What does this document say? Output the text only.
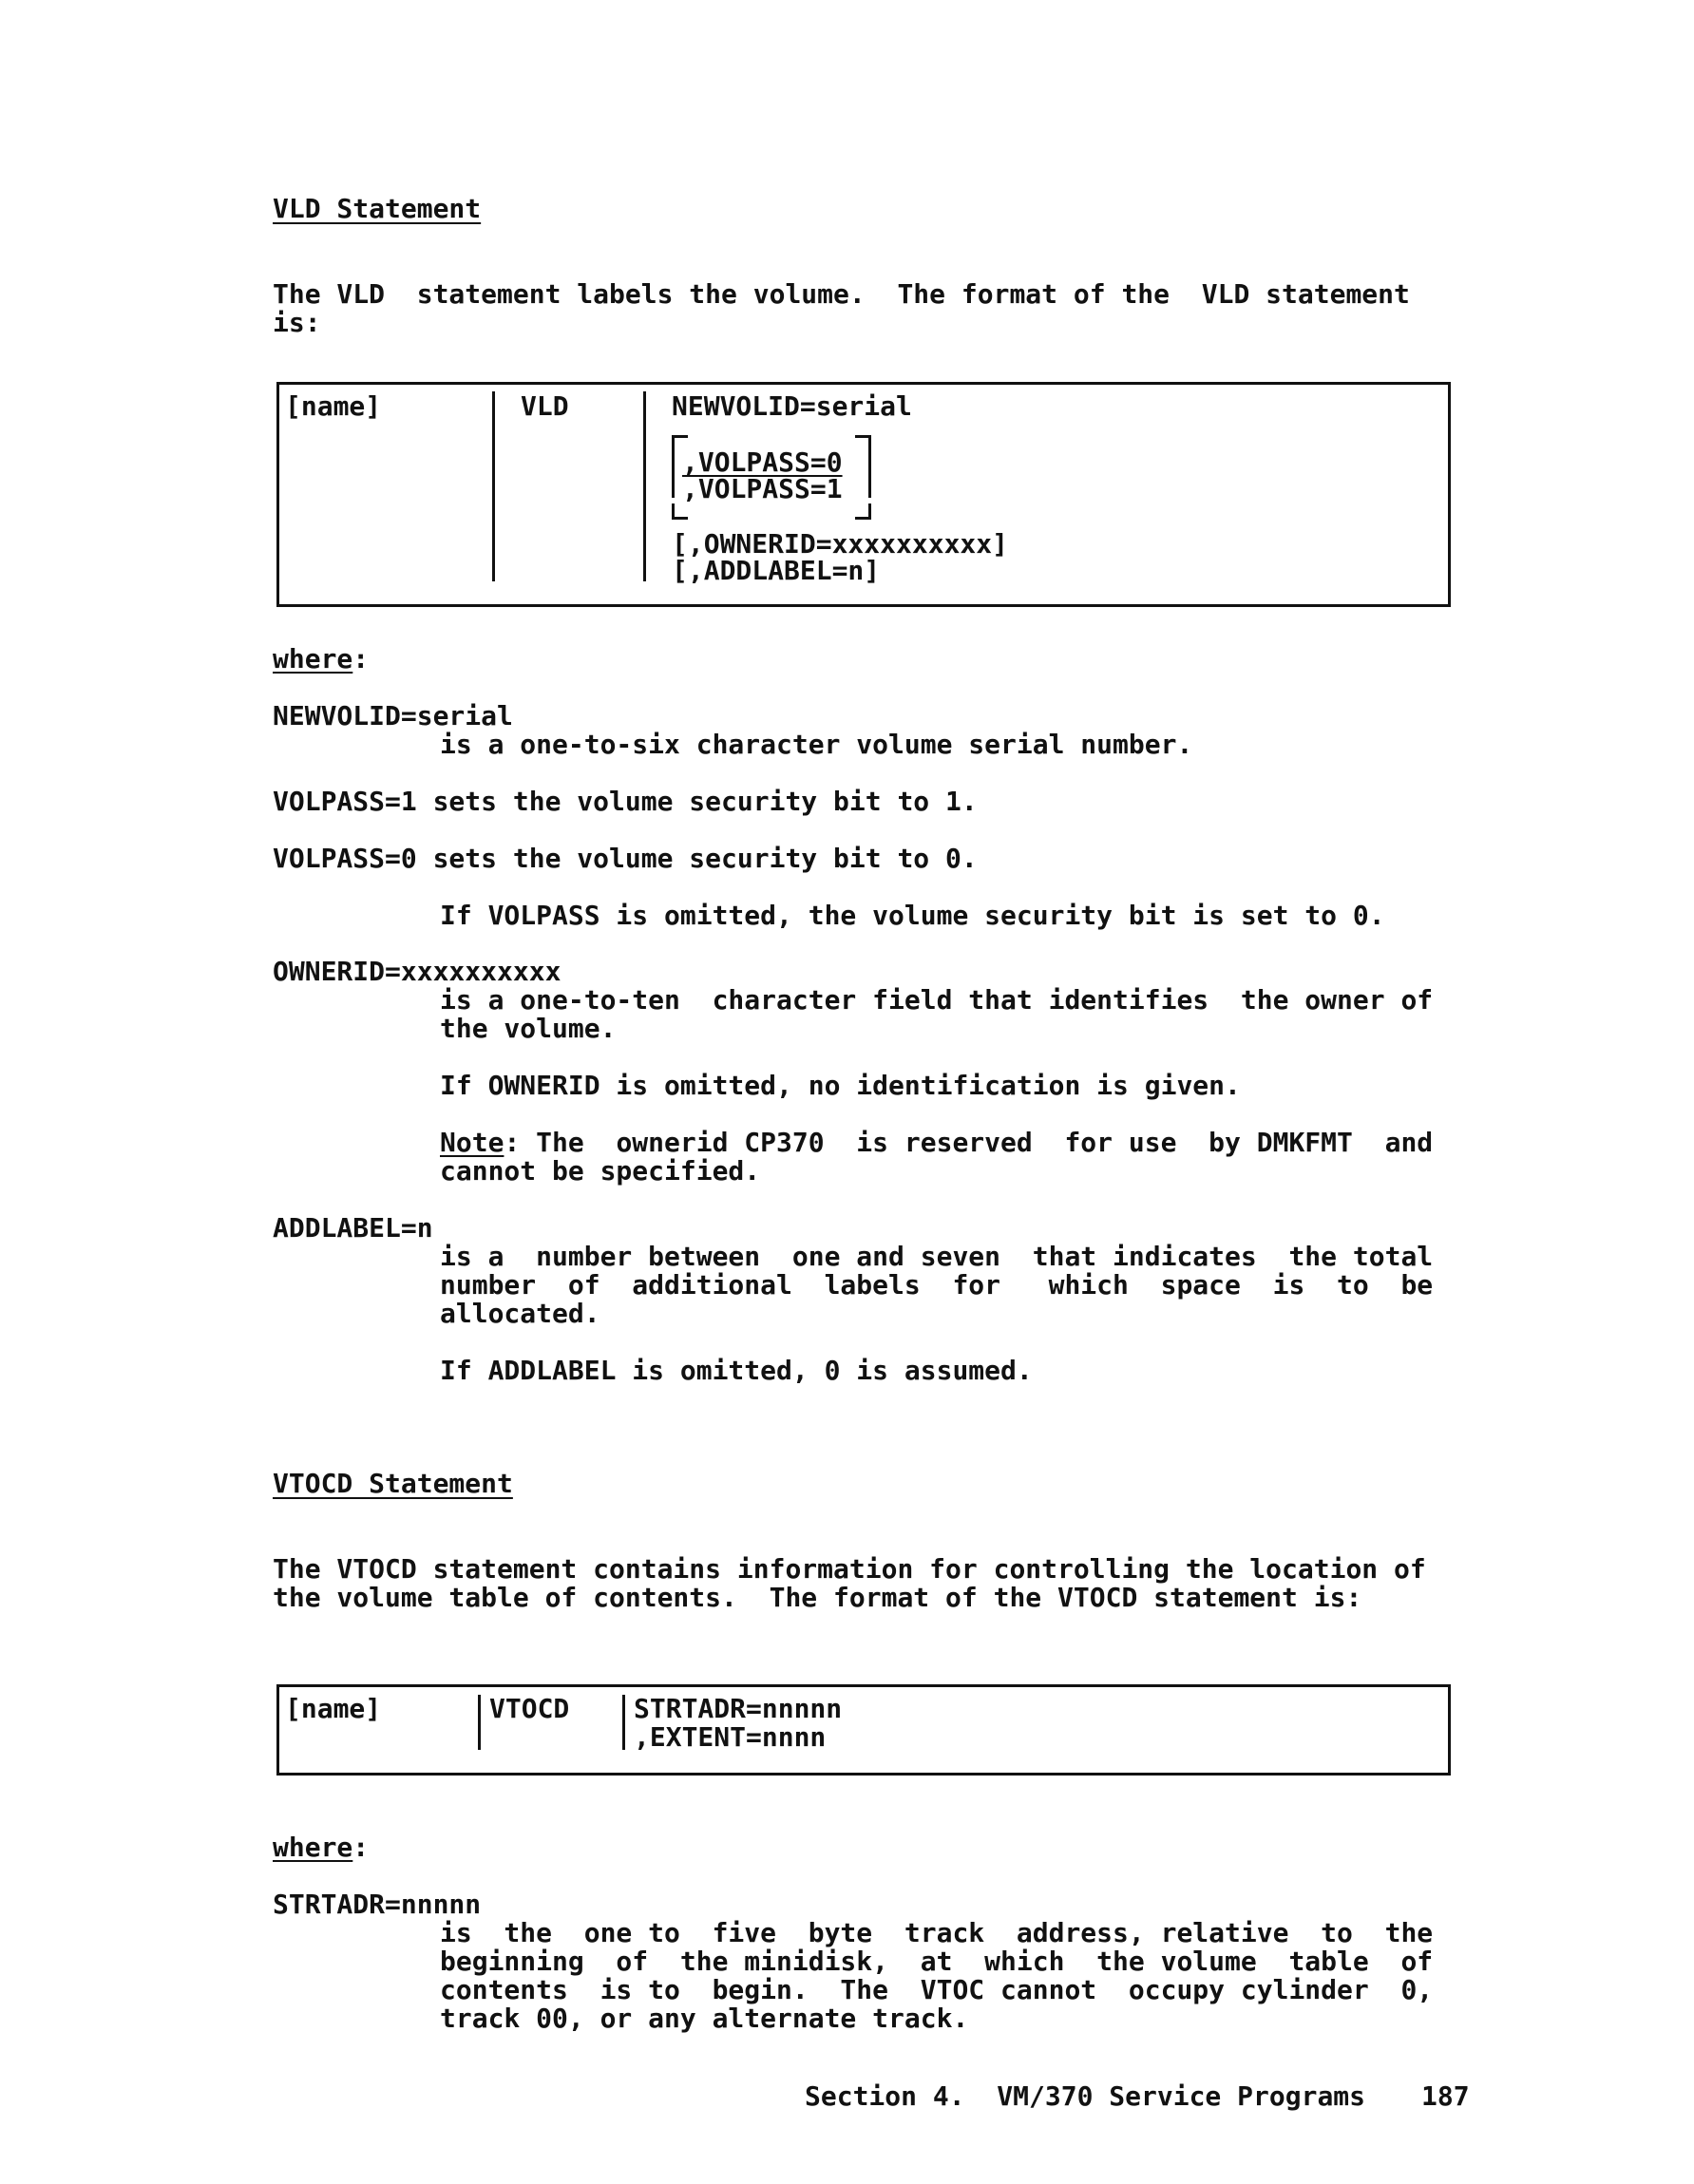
VLD Statement
The VLD  statement labels the volume.  The format of the  VLD statement
is:
[name]	VLD	NEWVOLID=serial
,VOLPASS=0
,VOLPASS=1
[,OWNERID=xxxxxxxxxx]
[,ADDLABEL=n]
where:
NEWVOLID=serial
is a one-to-six character volume serial number.
VOLPASS=1 sets the volume security bit to 1.
VOLPASS=0 sets the volume security bit to 0.
If VOLPASS is omitted, the volume security bit is set to 0.
OWNERID=xxxxxxxxxx
is a one-to-ten  character field that identifies  the owner of
the volume.
If OWNERID is omitted, no identification is given.
Note: The  ownerid CP370  is reserved  for use  by DMKFMT  and
cannot be specified.
ADDLABEL=n
is a  number between  one and seven  that indicates  the total
number  of  additional  labels  for   which  space  is  to  be
allocated.
If ADDLABEL is omitted, 0 is assumed.
VTOCD Statement
The VTOCD statement contains information for controlling the location of
the volume table of contents.  The format of the VTOCD statement is:
[name]	VTOCD STRTADR=nnnnn
,EXTENT=nnnn
where:
STRTADR=nnnnn
is  the  one to  five  byte  track  address, relative  to  the
beginning  of  the minidisk,  at  which  the volume  table  of
contents  is to  begin.  The  VTOC cannot  occupy cylinder  0,
track 00, or any alternate track.
Section 4.  VM/370 Service Programs 187
